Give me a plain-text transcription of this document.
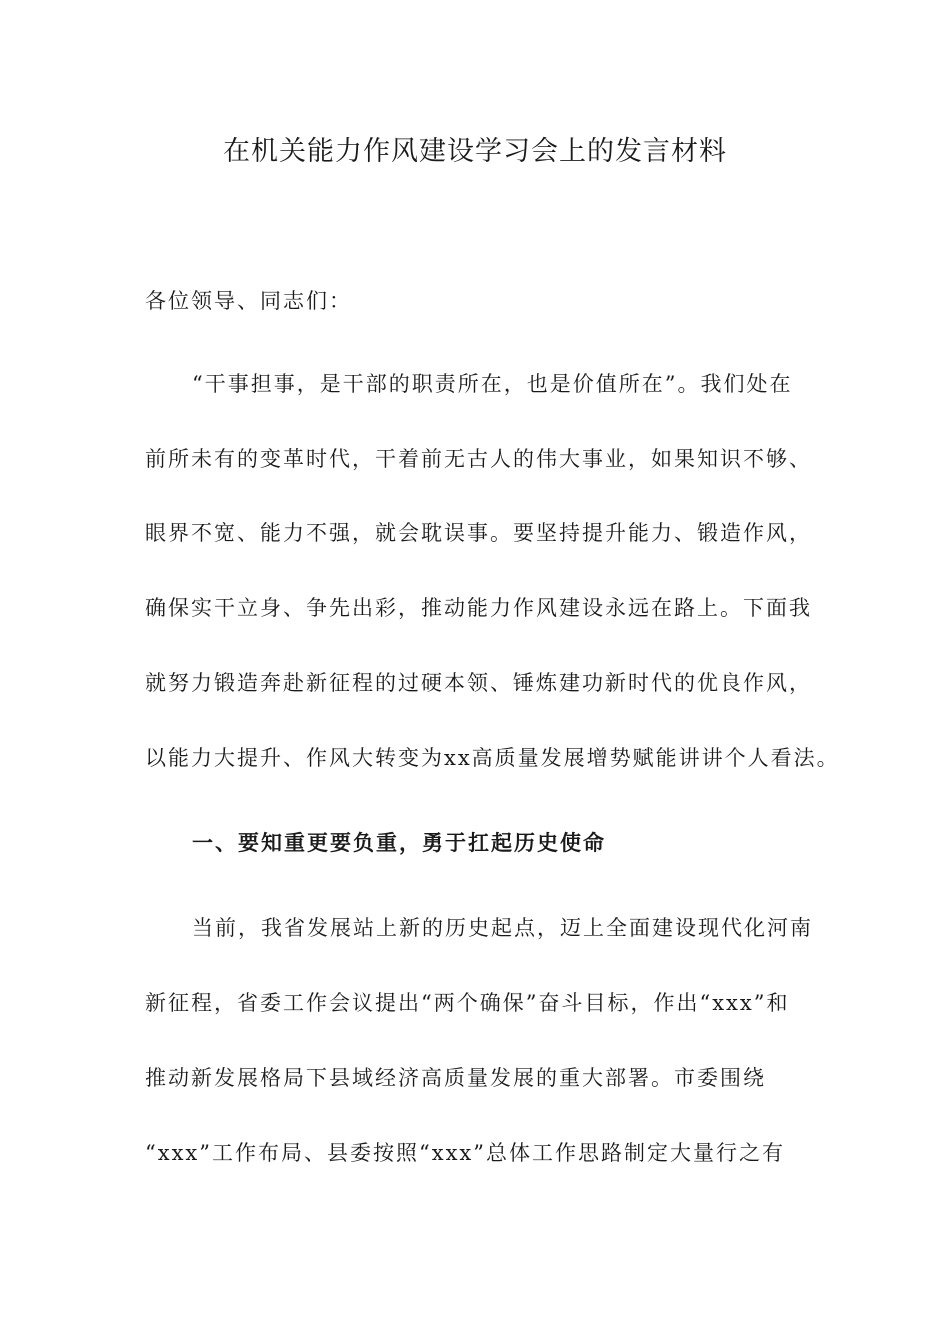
在机关能力作风建设学习会上的发言材料
各位领导、同志们：
“干事担事，是干部的职责所在，也是价值所在”。我们处在
前所未有的变革时代，干着前无古人的伟大事业，如果知识不够、
眼界不宽、能力不强，就会耽误事。要坚持提升能力、锻造作风，
确保实干立身、争先出彩，推动能力作风建设永远在路上。下面我
就努力锻造奔赴新征程的过硬本领、锤炼建功新时代的优良作风，
以能力大提升、作风大转变为xx高质量发展增势赋能讲讲个人看法。
一、要知重更要负重，勇于扛起历史使命
当前，我省发展站上新的历史起点，迈上全面建设现代化河南
新征程，省委工作会议提出“两个确保”奋斗目标，作出“xxx”和
推动新发展格局下县域经济高质量发展的重大部署。市委围绕
“xxx”工作布局、县委按照“xxx”总体工作思路制定大量行之有
